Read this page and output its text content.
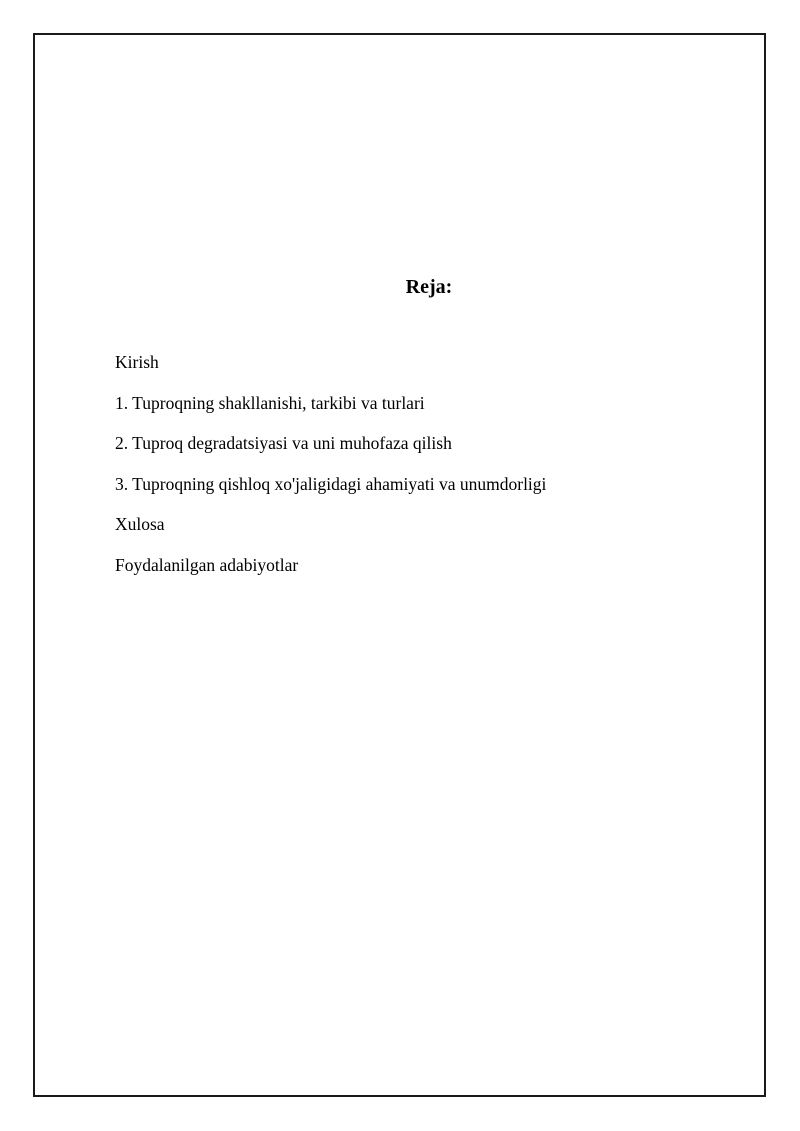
Reja:
Kirish
1. Tuproqning shakllanishi, tarkibi va turlari
2. Tuproq degradatsiyasi va uni muhofaza qilish
3. Tuproqning qishloq xo'jaligidagi ahamiyati va unumdorligi
Xulosa
Foydalanilgan adabiyotlar
